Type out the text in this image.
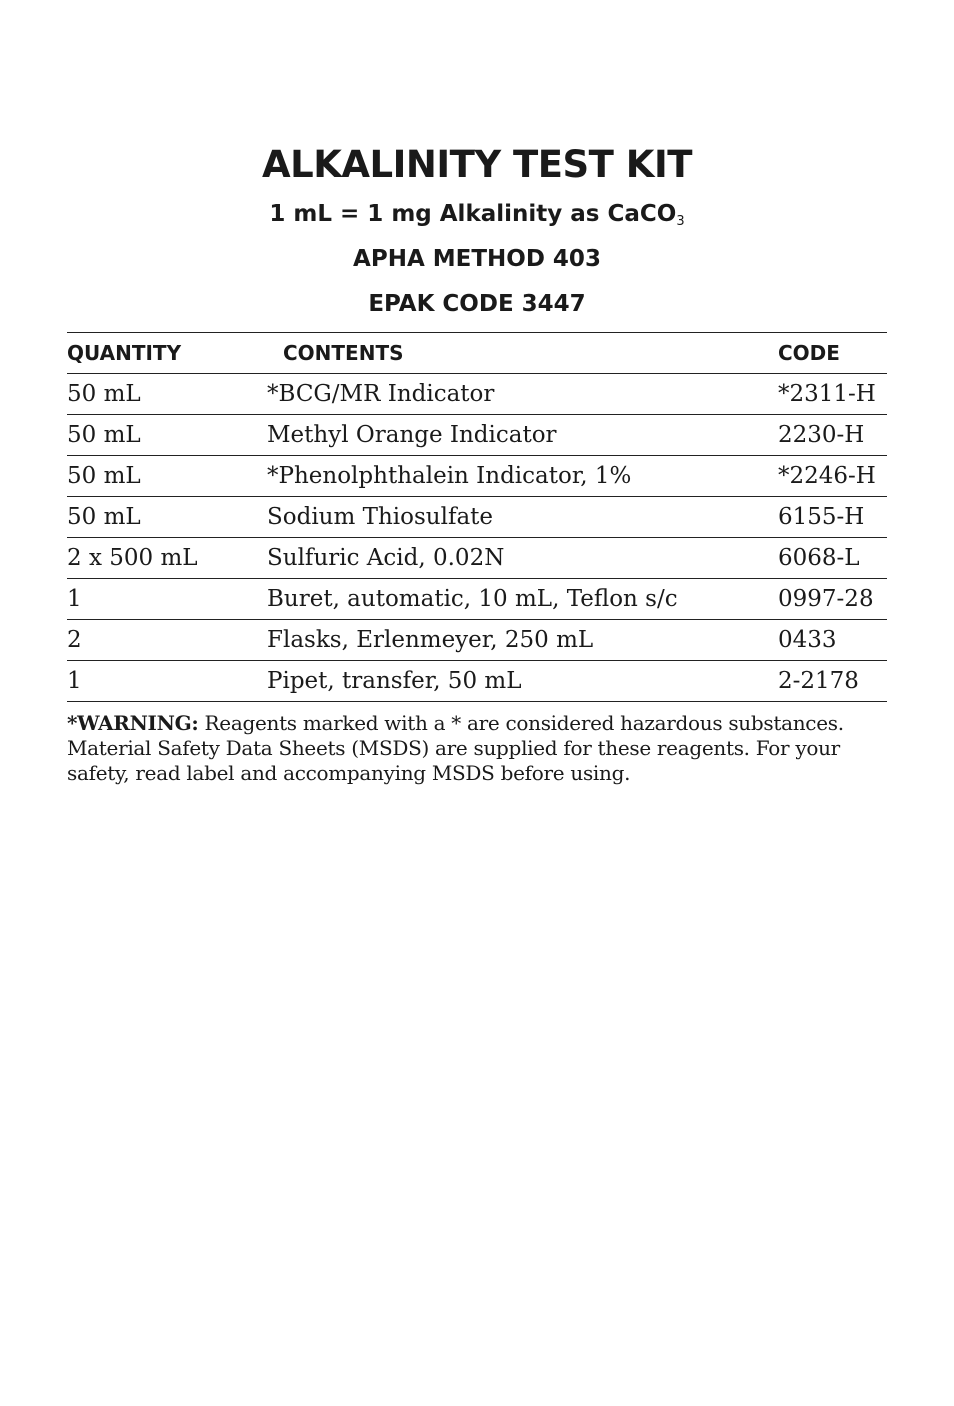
ALKALINITY TEST KIT

1 mL = 1 mg Alkalinity as CaCO$_3$

APHA METHOD 403

EPAK CODE 3447

QUANTITY	CONTENTS	CODE
50 mL	*BCG/MR Indicator	*2311-H
50 mL	Methyl Orange Indicator	2230-H
50 mL	*Phenolphthalein Indicator, 1%	*2246-H
50 mL	Sodium Thiosulfate	6155-H
2 x 500 mL	Sulfuric Acid, 0.02N	6068-L
1	Buret, automatic, 10 mL, Teflon s/c	0997-28
2	Flasks, Erlenmeyer, 250 mL	0433
1	Pipet, transfer, 50 mL	2-2178

*WARNING: Reagents marked with a * are considered hazardous substances. Material Safety Data Sheets (MSDS) are supplied for these reagents. For your safety, read label and accompanying MSDS before using.
